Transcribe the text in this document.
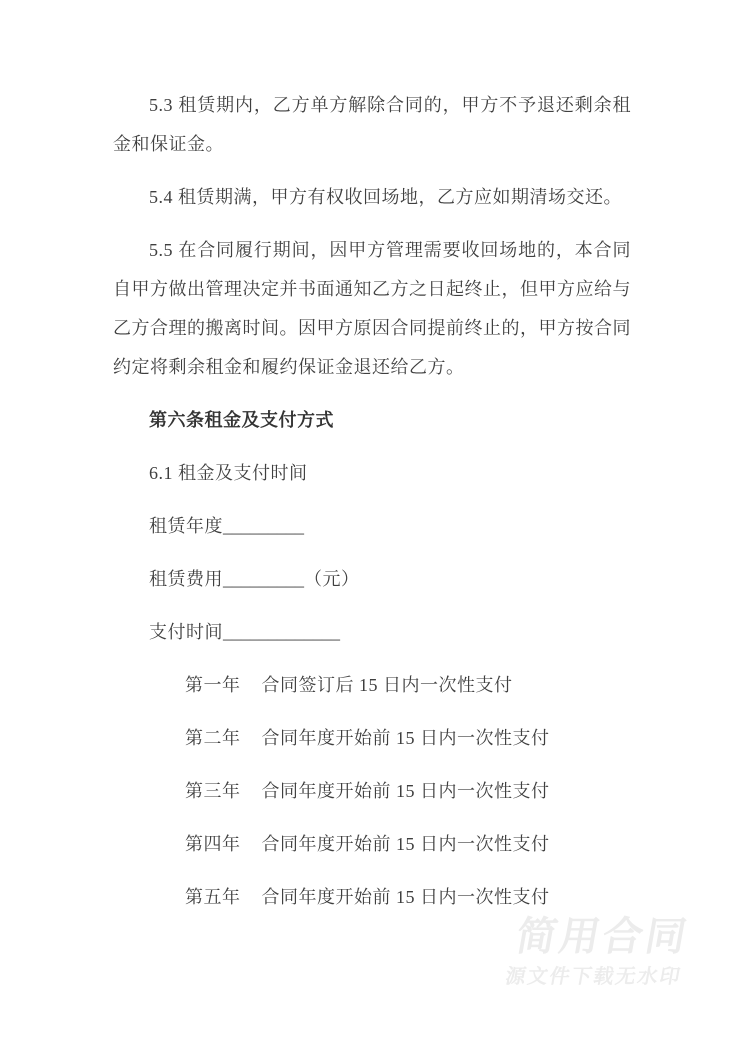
5.3 租赁期内，乙方单方解除合同的，甲方不予退还剩余租金和保证金。

5.4 租赁期满，甲方有权收回场地，乙方应如期清场交还。

5.5 在合同履行期间，因甲方管理需要收回场地的，本合同自甲方做出管理决定并书面通知乙方之日起终止，但甲方应给与乙方合理的搬离时间。因甲方原因合同提前终止的，甲方按合同约定将剩余租金和履约保证金退还给乙方。

第六条租金及支付方式

6.1 租金及支付时间

租赁年度_________

租赁费用_________（元）

支付时间_____________

第一年 合同签订后 15 日内一次性支付

第二年 合同年度开始前 15 日内一次性支付

第三年 合同年度开始前 15 日内一次性支付

第四年 合同年度开始前 15 日内一次性支付

第五年 合同年度开始前 15 日内一次性支付

简用合同
源文件下载无水印
